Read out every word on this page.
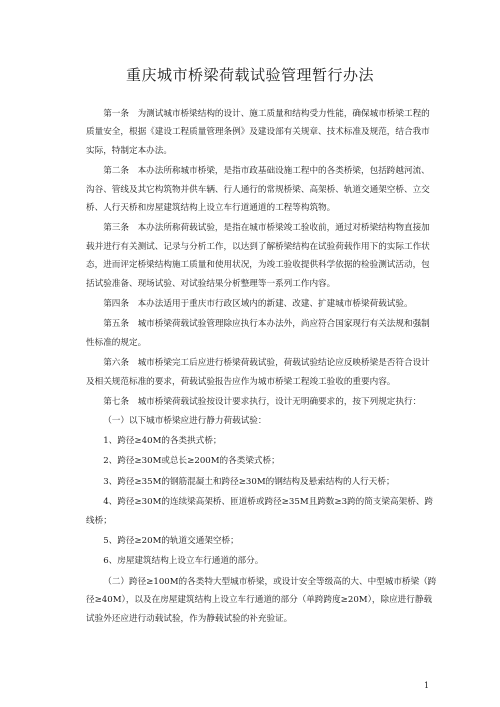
重庆城市桥梁荷载试验管理暂行办法

第一条　为测试城市桥梁结构的设计、施工质量和结构受力性能，确保城市桥梁工程的质量安全，根据《建设工程质量管理条例》及建设部有关规章、技术标准及规范，结合我市实际，特制定本办法。

第二条　本办法所称城市桥梁，是指市政基础设施工程中的各类桥梁，包括跨越河流、沟谷、管线及其它构筑物并供车辆、行人通行的常规桥梁、高架桥、轨道交通架空桥、立交桥、人行天桥和房屋建筑结构上设立车行道通道的工程等构筑物。

第三条　本办法所称荷载试验，是指在城市桥梁竣工验收前，通过对桥梁结构物直接加载并进行有关测试、记录与分析工作，以达到了解桥梁结构在试验荷载作用下的实际工作状态，进而评定桥梁结构施工质量和使用状况，为竣工验收提供科学依据的检验测试活动，包括试验准备、现场试验、对试验结果分析整理等一系列工作内容。

第四条　本办法适用于重庆市行政区域内的新建、改建、扩建城市桥梁荷载试验。

第五条　城市桥梁荷载试验管理除应执行本办法外，尚应符合国家现行有关法规和强制性标准的规定。

第六条　城市桥梁完工后应进行桥梁荷载试验，荷载试验结论应反映桥梁是否符合设计及相关规范标准的要求，荷载试验报告应作为城市桥梁工程竣工验收的重要内容。

第七条　城市桥梁荷载试验按设计要求执行，设计无明确要求的，按下列规定执行：

（一）以下城市桥梁应进行静力荷载试验：

1、跨径≥40M的各类拱式桥；

2、跨径≥30M或总长≥200M的各类梁式桥；

3、跨径≥35M的钢筋混凝土和跨径≥30M的钢结构及悬索结构的人行天桥；

4、跨径≥30M的连续梁高架桥、匝道桥或跨径≥35M且跨数≥3跨的简支梁高架桥、跨线桥；

5、跨径≥20M的轨道交通架空桥；

6、房屋建筑结构上设立车行通道的部分。

（二）跨径≥100M的各类特大型城市桥梁，或设计安全等级高的大、中型城市桥梁（跨径≥40M），以及在房屋建筑结构上设立车行通道的部分（单跨跨度≥20M），除应进行静载试验外还应进行动载试验，作为静载试验的补充验证。

1
